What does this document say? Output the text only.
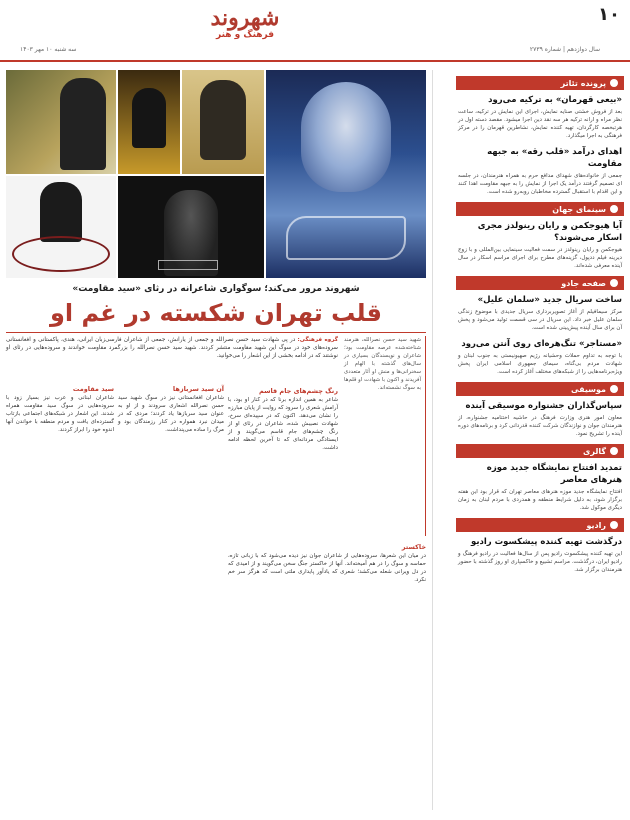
۱۰
شهروند
فرهنگ و هنر
سال دوازدهم | شماره ۲۷۳۹
سه شنبه ۱۰ مهر ۱۴۰۳
پرونده تئاتر
«بیعی قهرمان» به ترکیه می‌رود
بعد از فروش خشتی صنایه نمایش، اجرای این نمایش در ترکیه، ساعت نظر مراه و ارانه ترکیه هر سه نقد دین اجرا میشود. مقصد دسته اول در هرتبخصه کارگردان، تهیه کننده نمایش، نشاطرین قهرمان را در مرکز فرهنگی به اجرا میگذارد.
اهدای درآمد «قلب رقه» به جبهه مقاومت
جمعی از خانواده‌های شهدای مدافع حرم به همراه هنرمندان، در جلسه ای تصمیم گرفتند درآمد یک اجرا از نمایش را به جبهه مقاومت اهدا کنند و این اقدام با استقبال گسترده مخاطبان روبه‌رو شده است.
سینمای جهان
آیا هیوجکمن و رایان رینولدز مجری اسکار می‌شوند؟
هیوجکمن و رایان رینولدز در سمت فعالیت سینمایی بین‌المللی و با زوج دیرینه فیلم ددپول، گزینه‌های مطرح برای اجرای مراسم اسکار در سال آینده معرفی شده‌اند.
صفحه جادو
ساخت سریال جدید «سلمان علیل»
مرکز سیمافیلم از آغاز تصویربرداری سریال جدیدی با موضوع زندگی سلمان علیل خبر داد. این سریال در سی قسمت تولید می‌شود و پخش آن برای سال آینده پیش‌بینی شده است.
«مستاجر» تنگ‌هره‌ای روی آنتن می‌رود
با توجه به تداوم حملات وحشیانه رژیم صهیونیستی به جنوب لبنان و شهادت مردم بی‌گناه، سیمای جمهوری اسلامی ایران پخش ویژه‌برنامه‌هایی را از شبکه‌های مختلف آغاز کرده است.
موسیقی
سپاس‌گذاران جشنواره موسیقی آینده
معاون امور هنری وزارت فرهنگ در حاشیه اختتامیه جشنواره، از هنرمندان جوان و نوازندگان شرکت کننده قدردانی کرد و برنامه‌های دوره آینده را تشریح نمود.
گالری
تمدید افتتاح نمایشگاه جدید موزه هنرهای معاصر
افتتاح نمایشگاه جدید موزه هنرهای معاصر تهران که قرار بود این هفته برگزار شود، به دلیل شرایط منطقه و همدردی با مردم لبنان به زمان دیگری موکول شد.
رادیو
درگذشت تهیه کننده پیشکسوت رادیو
این تهیه کننده پیشکسوت رادیو پس از سال‌ها فعالیت در رادیو فرهنگ و رادیو ایران، درگذشت. مراسم تشییع و خاکسپاری او روز گذشته با حضور هنرمندان برگزار شد.
شهروند مرور می‌کند؛ سوگواری شاعرانه در رثای «سید مقاومت»
قلب تهران شکسته در غم او
گروه فرهنگی: در پی شهادت سید حسن نصرالله و جمعی از یارانش، جمعی از شاعران فارسی‌زبان ایرانی، هندی، پاکستانی و افغانستانی سروده‌های خود در سوگ این شهید مقاومت منتشر کردند. شهید سید حسن نصرالله را بزرگمرد مقاومت خواندند و سروده‌هایی در رثای او نوشتند که در ادامه بخشی از این اشعار را می‌خوانید.
شهید سید حسن نصرالله، هنرمند شناخته‌شده عرصه مقاومت بود؛ شاعران و نویسندگان بسیاری در سال‌های گذشته با الهام از سخنرانی‌ها و منش او آثار متعددی آفریدند و اکنون با شهادت او قلم‌ها به سوگ نشسته‌اند.
رنگ چشم‌های جام قاسم
شاعر به همین اندازه برنا که در کنار او بود، با آرامش شعری را سرود که روایت از پایان مبارزه را نشان می‌دهد. اکنون که در سپیده‌ای سرخ، شهادت نصیبش شده، شاعران در رثای او از رنگ چشم‌های جام قاسم می‌گویند و از ایستادگی مردانه‌ای که تا آخرین لحظه ادامه داشت.
آن سید سربازها
شاعران افغانستانی نیز در سوگ شهید سید حسن نصرالله اشعاری سرودند و از او به عنوان سید سربازها یاد کردند؛ مردی که در میدان نبرد همواره در کنار رزمندگان بود و مرگ را ساده می‌پنداشت.
سید مقاومت
شاعران لبنانی و عرب نیز بسیار زود با سروده‌هایی در سوگ سید مقاومت همراه شدند. این اشعار در شبکه‌های اجتماعی بازتاب گسترده‌ای یافت و مردم منطقه با خواندن آنها اندوه خود را ابراز کردند.
خاکستر
در میان این شعرها، سروده‌هایی از شاعران جوان نیز دیده می‌شود که با زبانی تازه، حماسه و سوگ را در هم آمیخته‌اند. آنها از خاکستر جنگ سخن می‌گویند و از امیدی که در دل ویرانی شعله می‌کشد؛ شعری که یادآور پایداری ملتی است که هرگز سر خم نکرد.
